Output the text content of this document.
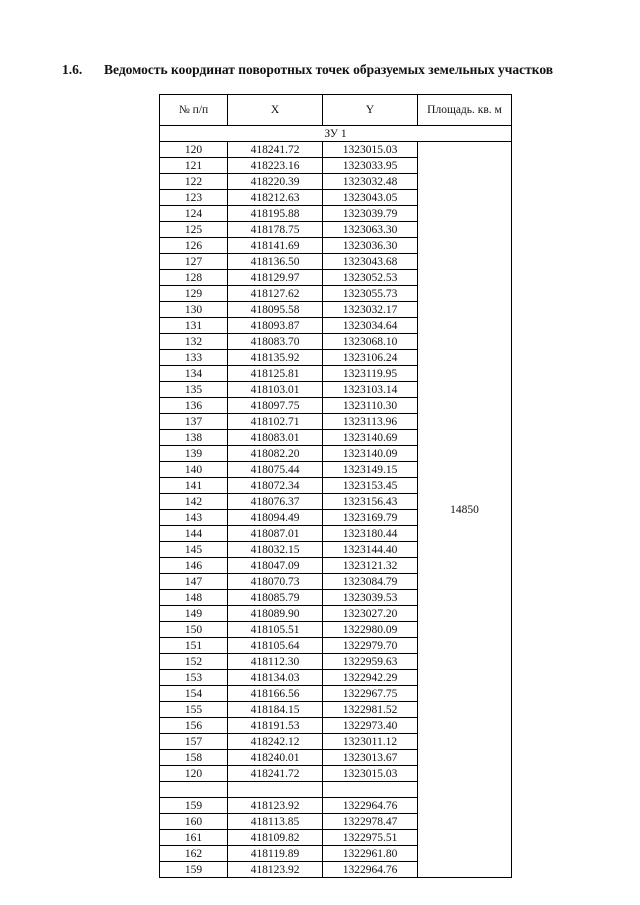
1.6. Ведомость координат поворотных точек образуемых земельных участков
№ п/п	X	Y	Площадь. кв. м
ЗУ 1			
120	418241.72	1323015.03	14850
121	418223.16	1323033.95	
122	418220.39	1323032.48	
123	418212.63	1323043.05	
124	418195.88	1323039.79	
125	418178.75	1323063.30	
126	418141.69	1323036.30	
127	418136.50	1323043.68	
128	418129.97	1323052.53	
129	418127.62	1323055.73	
130	418095.58	1323032.17	
131	418093.87	1323034.64	
132	418083.70	1323068.10	
133	418135.92	1323106.24	
134	418125.81	1323119.95	
135	418103.01	1323103.14	
136	418097.75	1323110.30	
137	418102.71	1323113.96	
138	418083.01	1323140.69	
139	418082.20	1323140.09	
140	418075.44	1323149.15	
141	418072.34	1323153.45	
142	418076.37	1323156.43	
143	418094.49	1323169.79	
144	418087.01	1323180.44	
145	418032.15	1323144.40	
146	418047.09	1323121.32	
147	418070.73	1323084.79	
148	418085.79	1323039.53	
149	418089.90	1323027.20	
150	418105.51	1322980.09	
151	418105.64	1322979.70	
152	418112.30	1322959.63	
153	418134.03	1322942.29	
154	418166.56	1322967.75	
155	418184.15	1322981.52	
156	418191.53	1322973.40	
157	418242.12	1323011.12	
158	418240.01	1323013.67	
120	418241.72	1323015.03	

159	418123.92	1322964.76	
160	418113.85	1322978.47	
161	418109.82	1322975.51	
162	418119.89	1322961.80	
159	418123.92	1322964.76	
